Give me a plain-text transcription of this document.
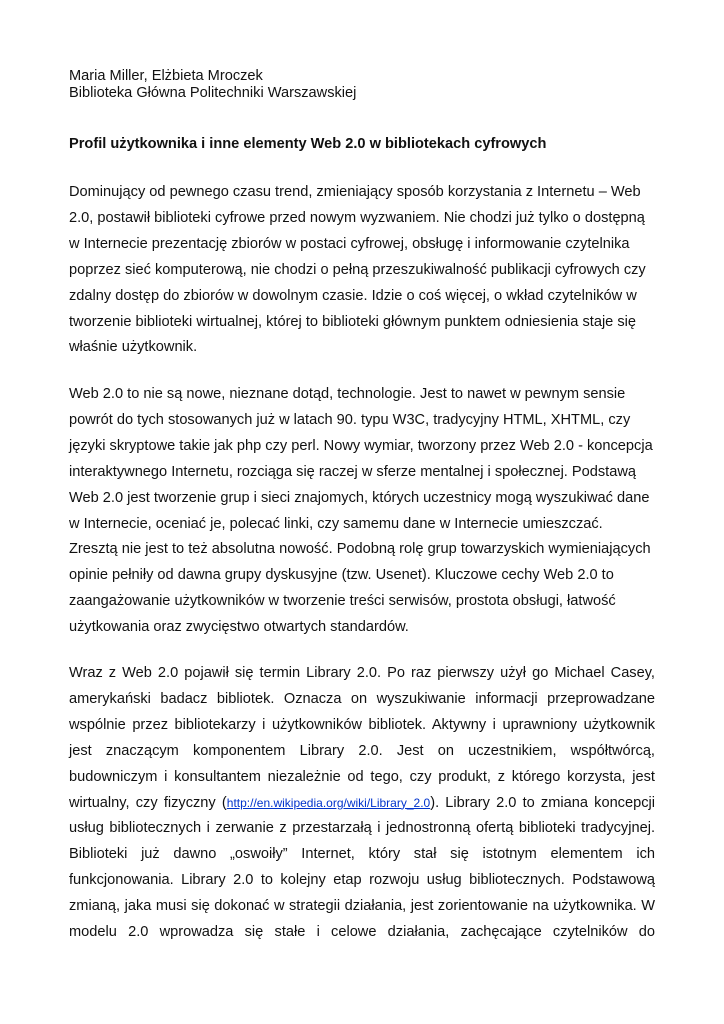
Maria Miller, Elżbieta Mroczek
Biblioteka Główna Politechniki Warszawskiej
Profil użytkownika i inne elementy Web 2.0 w bibliotekach cyfrowych
Dominujący od pewnego czasu trend, zmieniający sposób korzystania z Internetu – Web
2.0, postawił biblioteki cyfrowe przed nowym wyzwaniem. Nie chodzi już tylko o dostępną
w Internecie prezentację zbiorów w postaci cyfrowej, obsługę i informowanie czytelnika
poprzez sieć komputerową, nie chodzi o pełną przeszukiwalność publikacji cyfrowych czy
zdalny dostęp do zbiorów w dowolnym czasie. Idzie o coś więcej, o wkład czytelników w
tworzenie biblioteki wirtualnej, której to biblioteki głównym punktem odniesienia staje się
właśnie użytkownik.
Web 2.0 to nie są nowe, nieznane dotąd, technologie. Jest to nawet w pewnym sensie
powrót do tych stosowanych już w latach 90. typu W3C, tradycyjny HTML, XHTML, czy
języki skryptowe takie jak php czy perl. Nowy wymiar, tworzony przez Web 2.0 - koncepcja
interaktywnego Internetu, rozciąga się raczej w sferze mentalnej i społecznej. Podstawą
Web 2.0 jest tworzenie grup i sieci znajomych, których uczestnicy mogą wyszukiwać dane
w Internecie, oceniać je, polecać linki, czy samemu dane w Internecie umieszczać.
Zresztą nie jest to też absolutna nowość. Podobną rolę grup towarzyskich wymieniających
opinie pełniły od dawna grupy dyskusyjne (tzw. Usenet). Kluczowe cechy Web 2.0 to
zaangażowanie użytkowników w tworzenie treści serwisów, prostota obsługi, łatwość
użytkowania oraz zwycięstwo otwartych standardów.
Wraz z Web 2.0 pojawił się termin Library 2.0. Po raz pierwszy użył go Michael Casey,
amerykański badacz bibliotek. Oznacza on wyszukiwanie informacji przeprowadzane
wspólnie przez bibliotekarzy i użytkowników bibliotek. Aktywny i uprawniony użytkownik
jest znaczącym komponentem Library 2.0. Jest on uczestnikiem, współtwórcą,
budowniczym i konsultantem niezależnie od tego, czy produkt, z którego korzysta, jest
wirtualny, czy fizyczny (http://en.wikipedia.org/wiki/Library_2.0). Library 2.0 to zmiana koncepcji
usług bibliotecznych i zerwanie z przestarzałą i jednostronną ofertą biblioteki tradycyjnej.
Biblioteki już dawno „oswoiły” Internet, który stał się istotnym elementem ich
funkcjonowania. Library 2.0 to kolejny etap rozwoju usług bibliotecznych. Podstawową
zmianą, jaka musi się dokonać w strategii działania, jest zorientowanie na użytkownika. W
modelu 2.0 wprowadza się stałe i celowe działania, zachęcające czytelników do
